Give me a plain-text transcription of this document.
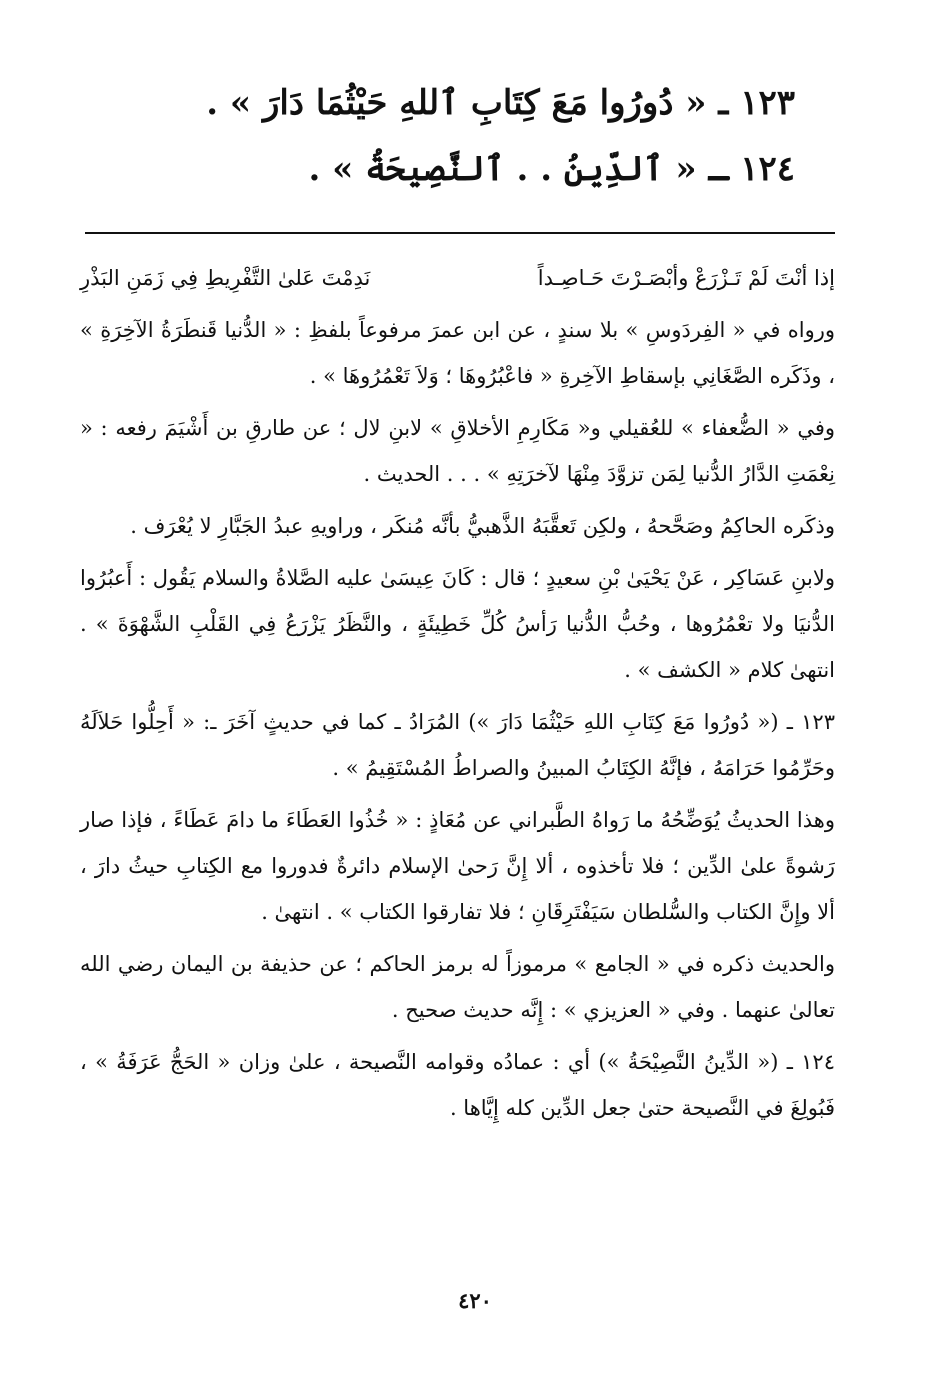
١٢٣ ـ « دُورُوا مَعَ كِتَابِ ٱللهِ حَيْثُمَا دَارَ » .

١٢٤ ـ « ٱلدِّينُ . . ٱلنَّصِيحَةُ » .

إذا أنْتَ لَمْ تَـزْرَعْ وأبْصَـرْتَ حَـاصِـداً
نَدِمْتَ عَلىٰ التَّفْرِيطِ فِي زَمَنِ البَذْرِ

ورواه في « الفِردَوسِ » بلا سندٍ ، عن ابن عمرَ مرفوعاً بلفظِ : « الدُّنيا قَنطَرَةُ الآخِرَةِ » ، وذَكَره الصَّغَانِي بإسقاطِ الآخِرةِ « فاعْبُرُوهَا ؛ وَلاَ تَعْمُرُوهَا » .

وفي « الضُّعفاء » للعُقيلي و« مَكَارِمِ الأخلاقِ » لابنِ لال ؛ عن طارقِ بن أَشْيَمَ رفعه : « نِعْمَتِ الدَّارُ الدُّنيا لِمَن تزوَّدَ مِنْهَا لآخرَتِهِ » . . . الحديث .

وذكَره الحاكِمُ وصَحَّحهُ ، ولكِن تَعقَّبَهُ الذَّهبيُّ بأنَّه مُنكَر ، وراويهِ عبدُ الجَبَّارِ لا يُعْرَف .

ولابنِ عَسَاكِر ، عَنْ يَحْيَىٰ بْنِ سعيدٍ ؛ قال : كَانَ عِيسَىٰ عليه الصَّلاةُ والسلام يَقُول : أَعبُرُوا الدُّنيَا ولا تعْمُرُوها ، وحُبُّ الدُّنيا رَأسُ كُلِّ خَطِيئَةٍ ، والنَّظَرُ يَزْرَعُ فِي القَلْبِ الشَّهْوَةَ » . انتهىٰ كلام « الكشف » .

١٢٣ ـ (« دُورُوا مَعَ كِتَابِ اللهِ حَيْثُمَا دَارَ ») المُرَادُ ـ كما في حديثٍ آخَرَ ـ: « أَحِلُّوا حَلاَلَهُ وحَرِّمُوا حَرَامَهُ ، فإنَّهُ الكِتَابُ المبينُ والصراطُ المُسْتَقِيمُ » .

وهذا الحديثُ يُوَضِّحُهُ ما رَواهُ الطَّبراني عن مُعَاذٍ : « خُذُوا العَطَاءَ ما دامَ عَطَاءً ، فإذا صار رَشوةً علىٰ الدِّين ؛ فلا تأخذوه ، ألا إِنَّ رَحىٰ الإسلام دائرةٌ فدوروا مع الكِتابِ حيثُ دارَ ، ألا وإِنَّ الكتاب والسُّلطان سَيَفْتَرِقَانِ ؛ فلا تفارقوا الكتاب » . انتهىٰ .

والحديث ذكره في « الجامع » مرموزاً له برمز الحاكم ؛ عن حذيفة بن اليمان رضي الله تعالىٰ عنهما . وفي « العزيزي » : إِنَّه حديث صحيح .

١٢٤ ـ (« الدِّينُ النَّصِيْحَةُ ») أي : عمادُه وقوامه النَّصيحة ، علىٰ وزان « الحَجُّ عَرَفَةُ » ، فَبُولِغَ في النَّصيحة حتىٰ جعل الدِّين كله إِيَّاها .

٤٢٠
